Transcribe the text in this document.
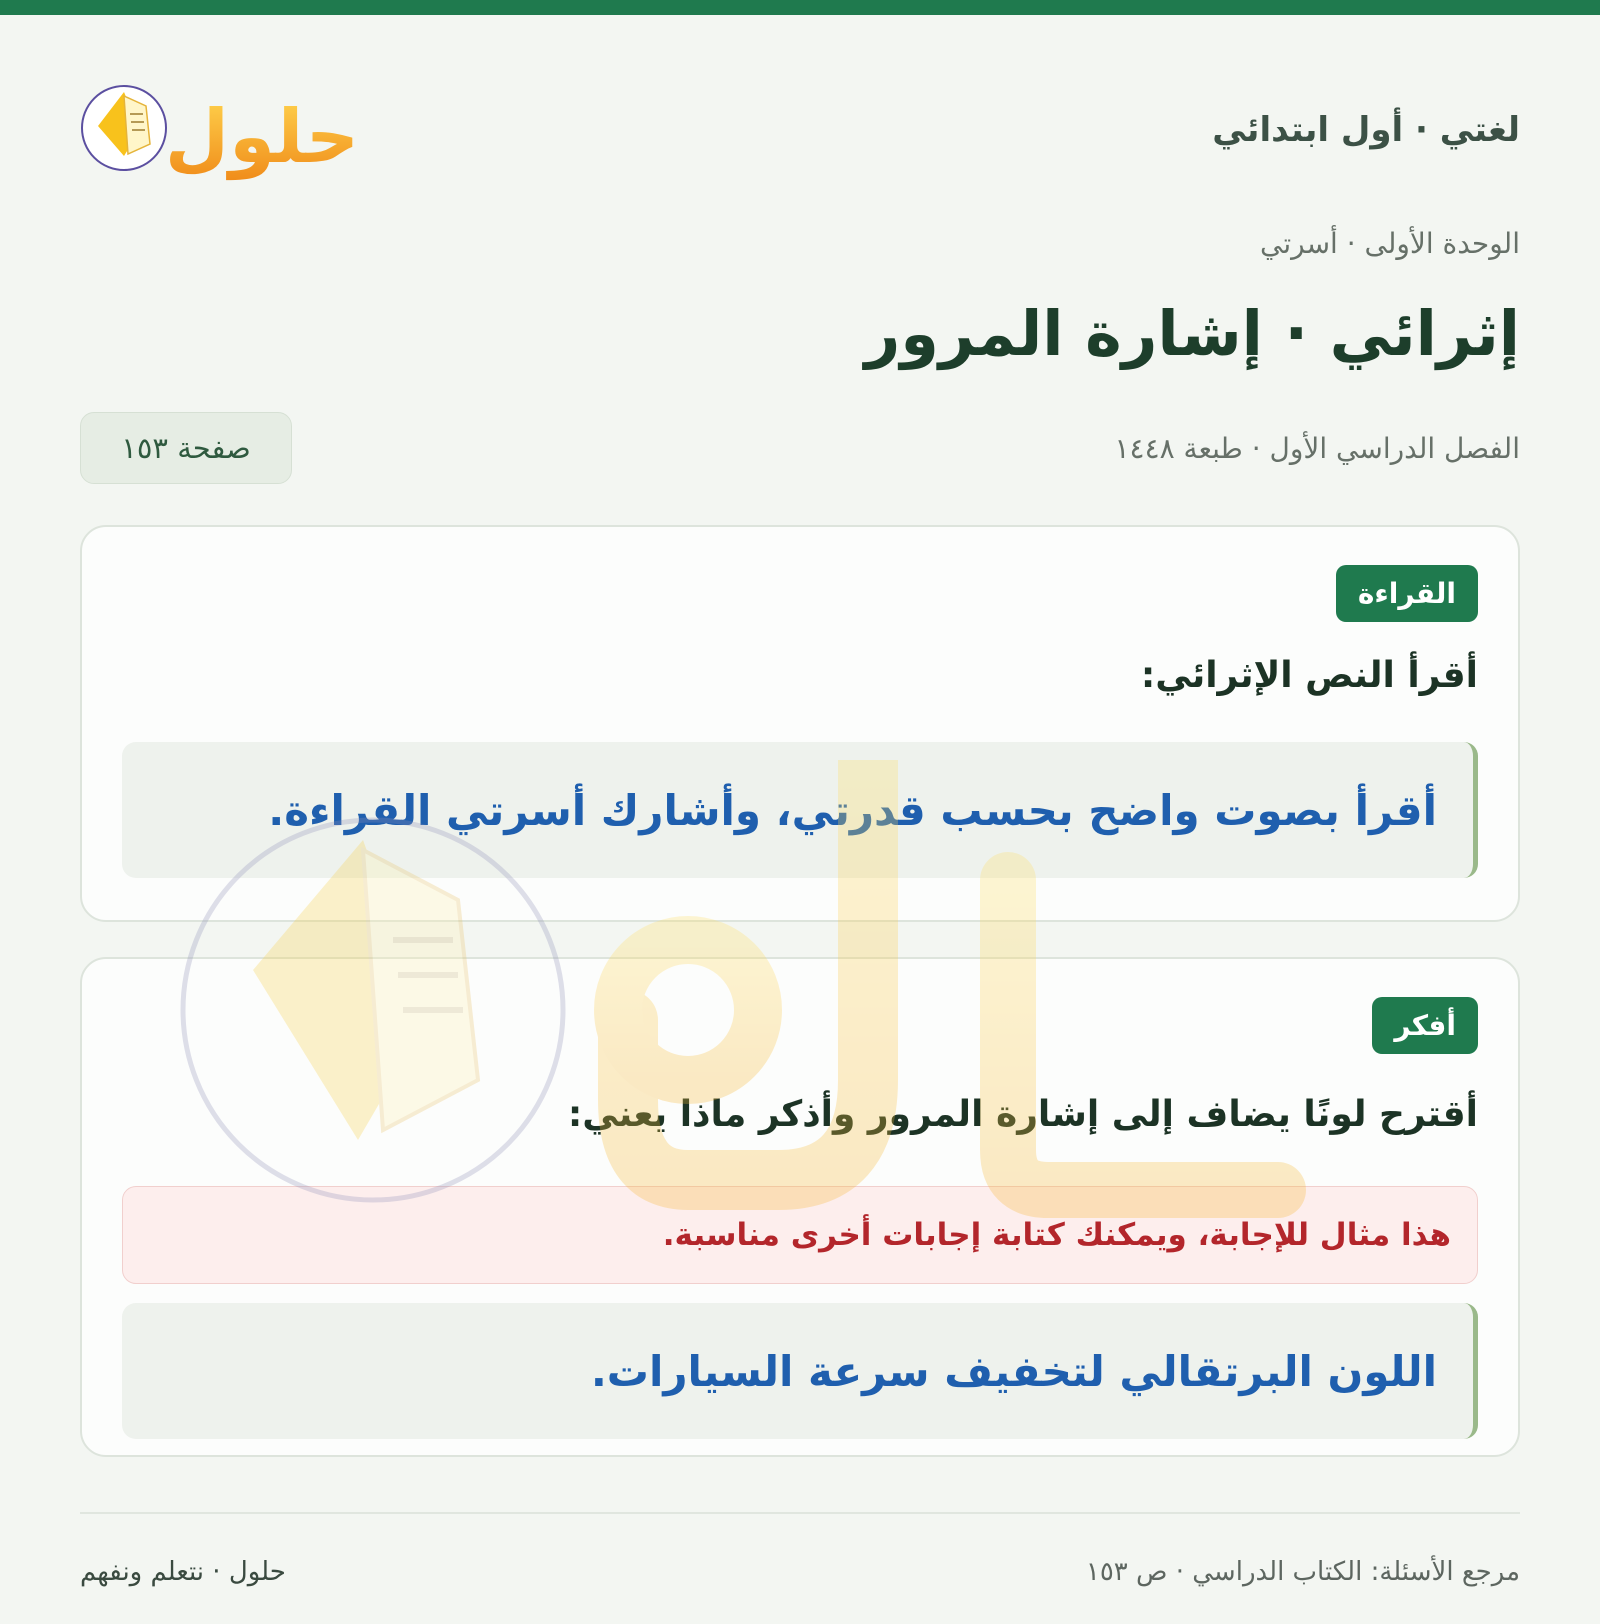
لغتي · أول ابتدائي
حلول
الوحدة الأولى · أسرتي
إثرائي · إشارة المرور
الفصل الدراسي الأول · طبعة ١٤٤٨
صفحة ١٥٣
القراءة
أقرأ النص الإثرائي:
أقرأ بصوت واضح بحسب قدرتي، وأشارك أسرتي القراءة.
أفكر
أقترح لونًا يضاف إلى إشارة المرور وأذكر ماذا يعني:
هذا مثال للإجابة، ويمكنك كتابة إجابات أخرى مناسبة.
اللون البرتقالي لتخفيف سرعة السيارات.
مرجع الأسئلة: الكتاب الدراسي · ص ١٥٣
حلول · نتعلم ونفهم
